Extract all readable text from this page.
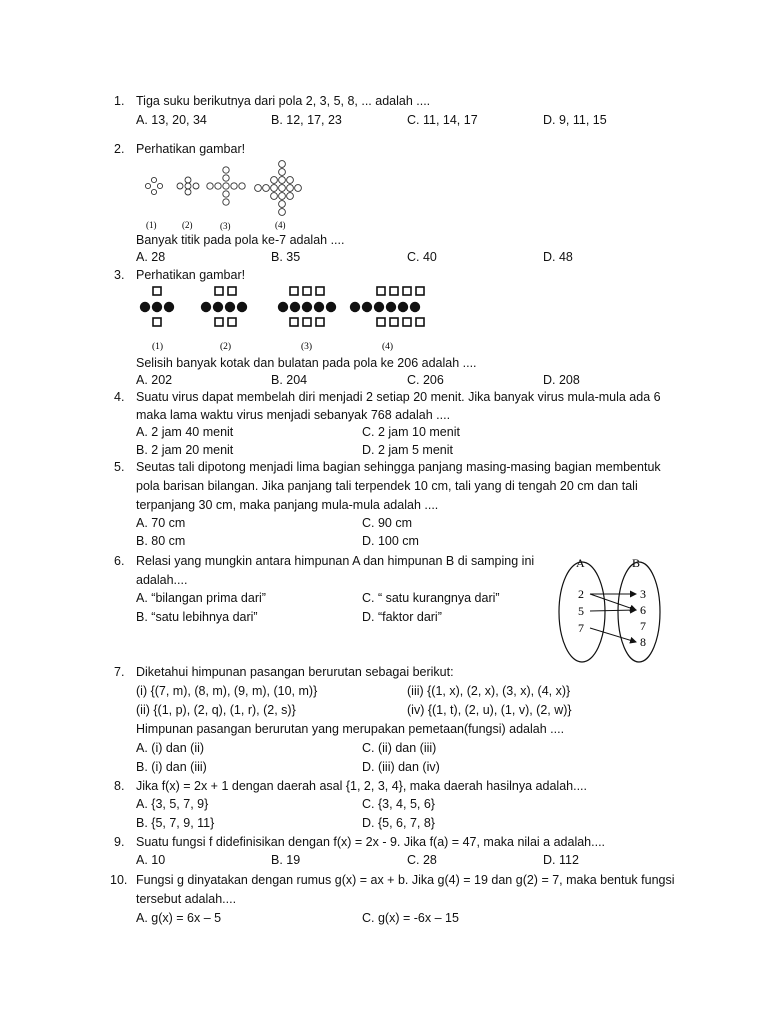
1. Tiga suku berikutnya dari pola 2, 3, 5, 8, ... adalah ....
A. 13, 20, 34	B. 12, 17, 23	C. 11, 14, 17	D. 9, 11, 15
2. Perhatikan gambar!
(1)	(2)	(3)	(4)
Banyak titik pada pola ke-7 adalah ....
A. 28	B. 35	C. 40	D. 48
3. Perhatikan gambar!
(1)	(2)	(3)	(4)
Selisih banyak kotak dan bulatan pada pola ke 206 adalah ....
A. 202	B. 204	C. 206	D. 208
4. Suatu virus dapat membelah diri menjadi 2 setiap 20 menit. Jika banyak virus mula-mula ada 6
maka lama waktu virus menjadi sebanyak 768 adalah ....
A. 2 jam 40 menit	C. 2 jam 10 menit
B. 2 jam 20 menit	D. 2 jam 5 menit
5. Seutas tali dipotong menjadi lima bagian sehingga panjang masing-masing bagian membentuk
pola barisan bilangan. Jika panjang tali terpendek 10 cm, tali yang di tengah 20 cm dan tali
terpanjang 30 cm, maka panjang mula-mula adalah ....
A. 70 cm	C. 90 cm
B. 80 cm	D. 100 cm
6. Relasi yang mungkin antara himpunan A dan himpunan B di samping ini
adalah....
A. “bilangan prima dari”	C. “ satu kurangnya dari”
B. “satu lebihnya dari”	D. “faktor dari”
A	B
2
5
7
3
6
7
8
7. Diketahui himpunan pasangan berurutan sebagai berikut:
(i) {(7, m), (8, m), (9, m), (10, m)}	(iii) {(1, x), (2, x), (3, x), (4, x)}
(ii) {(1, p), (2, q), (1, r), (2, s)}	(iv) {(1, t), (2, u), (1, v), (2, w)}
Himpunan pasangan berurutan yang merupakan pemetaan(fungsi) adalah ....
A. (i) dan (ii)	C. (ii) dan (iii)
B. (i) dan (iii)	D. (iii) dan (iv)
8. Jika f(x) = 2x + 1 dengan daerah asal {1, 2, 3, 4}, maka daerah hasilnya adalah....
A. {3, 5, 7, 9}	C. {3, 4, 5, 6}
B. {5, 7, 9, 11}	D. {5, 6, 7, 8}
9. Suatu fungsi f didefinisikan dengan f(x) = 2x - 9. Jika f(a) = 47, maka nilai a adalah....
A. 10	B. 19	C. 28	D. 112
10. Fungsi g dinyatakan dengan rumus g(x) = ax + b. Jika g(4) = 19 dan g(2) = 7, maka bentuk fungsi
tersebut adalah....
A. g(x) = 6x – 5	C. g(x) = -6x – 15
